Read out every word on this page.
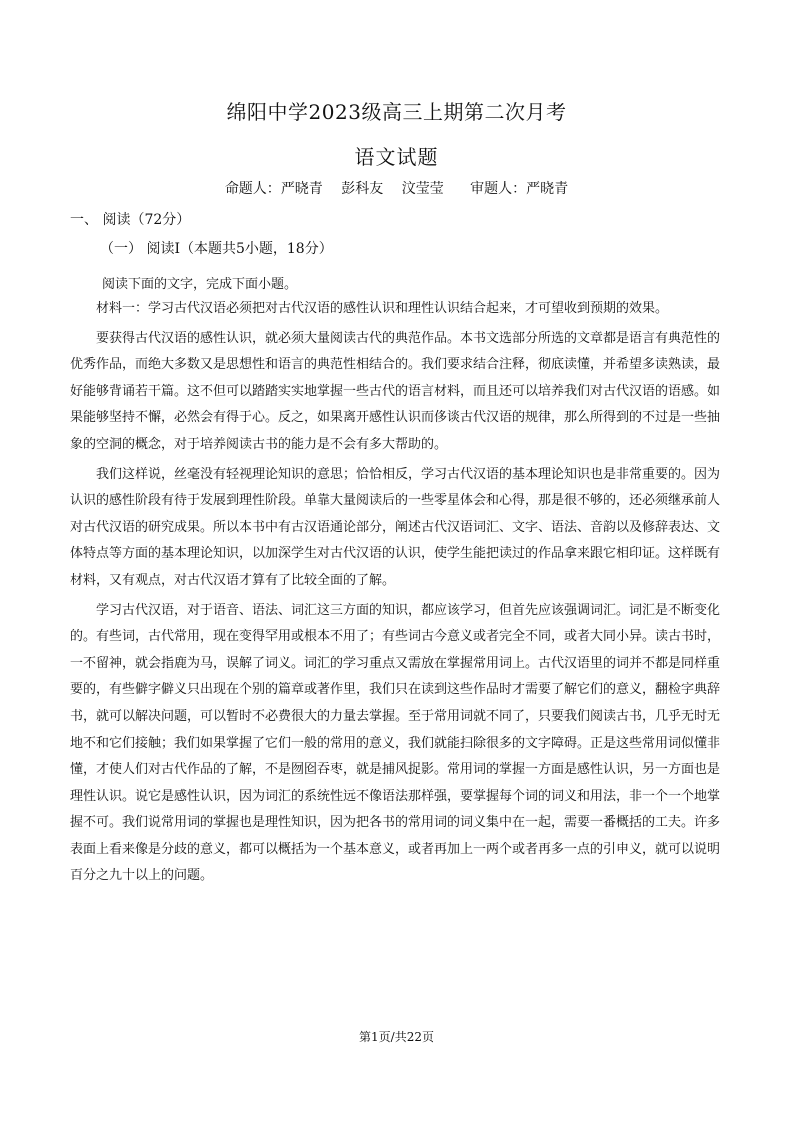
绵阳中学2023级高三上期第二次月考
语文试题
命题人：严晓青 彭科友 汶莹莹 审题人：严晓青
一、 阅读（72分）
（一） 阅读Ⅰ（本题共5小题，18分）
阅读下面的文字，完成下面小题。

材料一：学习古代汉语必须把对古代汉语的感性认识和理性认识结合起来，才可望收到预期的效果。

要获得古代汉语的感性认识，就必须大量阅读古代的典范作品。本书文选部分所选的文章都是语言有典范性的优秀作品，而绝大多数又是思想性和语言的典范性相结合的。我们要求结合注释，彻底读懂，并希望多读熟读，最好能够背诵若干篇。这不但可以踏踏实实地掌握一些古代的语言材料，而且还可以培养我们对古代汉语的语感。如果能够坚持不懈，必然会有得于心。反之，如果离开感性认识而侈谈古代汉语的规律，那么所得到的不过是一些抽象的空洞的概念，对于培养阅读古书的能力是不会有多大帮助的。

我们这样说，丝毫没有轻视理论知识的意思；恰恰相反，学习古代汉语的基本理论知识也是非常重要的。因为认识的感性阶段有待于发展到理性阶段。单靠大量阅读后的一些零星体会和心得，那是很不够的，还必须继承前人对古代汉语的研究成果。所以本书中有古汉语通论部分，阐述古代汉语词汇、文字、语法、音韵以及修辞表达、文体特点等方面的基本理论知识，以加深学生对古代汉语的认识，使学生能把读过的作品拿来跟它相印证。这样既有材料，又有观点，对古代汉语才算有了比较全面的了解。

学习古代汉语，对于语音、语法、词汇这三方面的知识，都应该学习，但首先应该强调词汇。词汇是不断变化的。有些词，古代常用，现在变得罕用或根本不用了；有些词古今意义或者完全不同，或者大同小异。读古书时，一不留神，就会指鹿为马，误解了词义。词汇的学习重点又需放在掌握常用词上。古代汉语里的词并不都是同样重要的，有些僻字僻义只出现在个别的篇章或著作里，我们只在读到这些作品时才需要了解它们的意义，翻检字典辞书，就可以解决问题，可以暂时不必费很大的力量去掌握。至于常用词就不同了，只要我们阅读古书，几乎无时无地不和它们接触；我们如果掌握了它们一般的常用的意义，我们就能扫除很多的文字障碍。正是这些常用词似懂非懂，才使人们对古代作品的了解，不是囫囵吞枣，就是捕风捉影。常用词的掌握一方面是感性认识，另一方面也是理性认识。说它是感性认识，因为词汇的系统性远不像语法那样强，要掌握每个词的词义和用法，非一个一个地掌握不可。我们说常用词的掌握也是理性知识，因为把各书的常用词的词义集中在一起，需要一番概括的工夫。许多表面上看来像是分歧的意义，都可以概括为一个基本意义，或者再加上一两个或者再多一点的引申义，就可以说明百分之九十以上的问题。

第1页/共22页
